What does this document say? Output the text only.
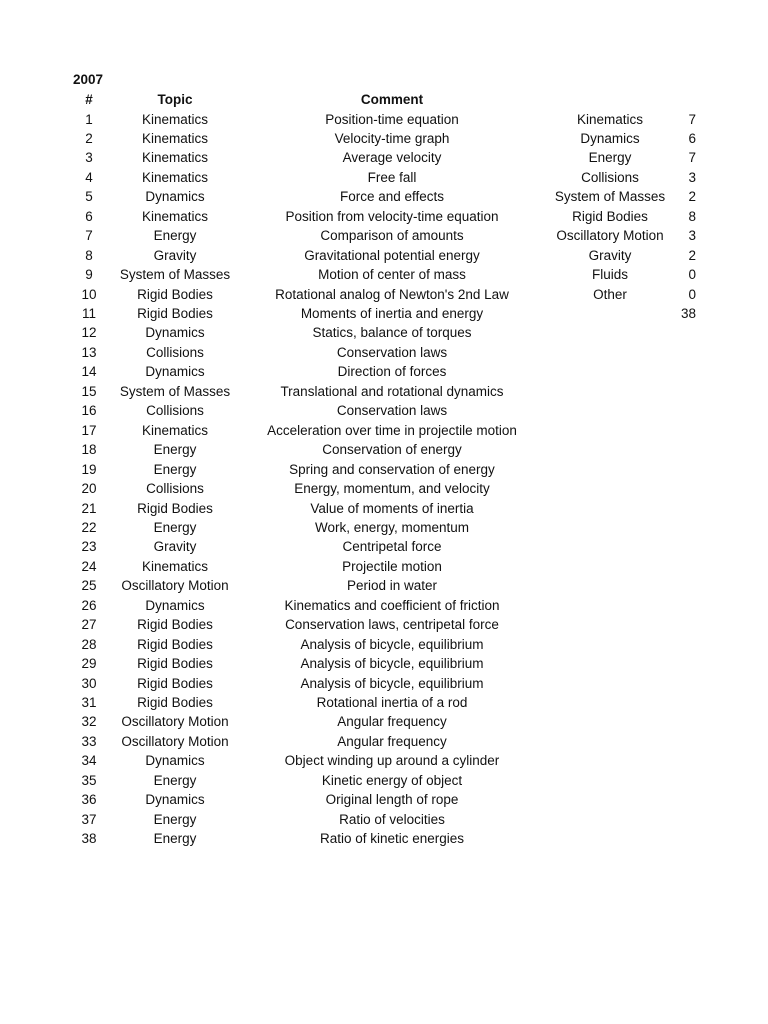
2007
#	Topic	Comment
1	Kinematics	Position-time equation
2	Kinematics	Velocity-time graph
3	Kinematics	Average velocity
4	Kinematics	Free fall
5	Dynamics	Force and effects
6	Kinematics	Position from velocity-time equation
7	Energy	Comparison of amounts
8	Gravity	Gravitational potential energy
9	System of Masses	Motion of center of mass
10	Rigid Bodies	Rotational analog of Newton's 2nd Law
11	Rigid Bodies	Moments of inertia and energy
12	Dynamics	Statics, balance of torques
13	Collisions	Conservation laws
14	Dynamics	Direction of forces
15	System of Masses	Translational and rotational dynamics
16	Collisions	Conservation laws
17	Kinematics	Acceleration over time in projectile motion
18	Energy	Conservation of energy
19	Energy	Spring and conservation of energy
20	Collisions	Energy, momentum, and velocity
21	Rigid Bodies	Value of moments of inertia
22	Energy	Work, energy, momentum
23	Gravity	Centripetal force
24	Kinematics	Projectile motion
25	Oscillatory Motion	Period in water
26	Dynamics	Kinematics and coefficient of friction
27	Rigid Bodies	Conservation laws, centripetal force
28	Rigid Bodies	Analysis of bicycle, equilibrium
29	Rigid Bodies	Analysis of bicycle, equilibrium
30	Rigid Bodies	Analysis of bicycle, equilibrium
31	Rigid Bodies	Rotational inertia of a rod
32	Oscillatory Motion	Angular frequency
33	Oscillatory Motion	Angular frequency
34	Dynamics	Object winding up around a cylinder
35	Energy	Kinetic energy of object
36	Dynamics	Original length of rope
37	Energy	Ratio of velocities
38	Energy	Ratio of kinetic energies
Kinematics	7
Dynamics	6
Energy	7
Collisions	3
System of Masses	2
Rigid Bodies	8
Oscillatory Motion	3
Gravity	2
Fluids	0
Other	0
38
